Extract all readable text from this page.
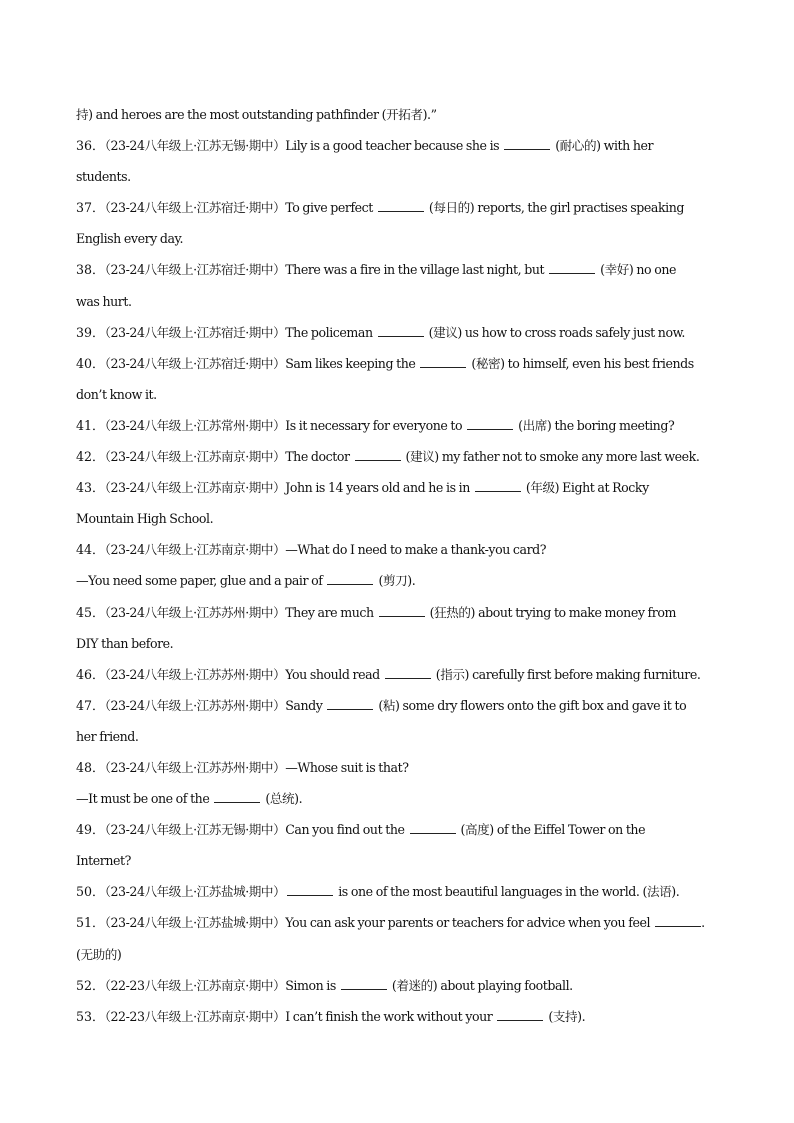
持) and heroes are the most outstanding pathfinder (开拓者).”
36．（23-24八年级上·江苏无锡·期中）Lily is a good teacher because she is	(耐心的) with her
students.
37．（23-24八年级上·江苏宿迁·期中）To give perfect	(每日的) reports, the girl practises speaking
English every day.
38．（23-24八年级上·江苏宿迁·期中）There was a fire in the village last night, but	(幸好) no one
was hurt.
39．（23-24八年级上·江苏宿迁·期中）The policeman	(建议) us how to cross roads safely just now.
40．（23-24八年级上·江苏宿迁·期中）Sam likes keeping the	(秘密) to himself, even his best friends
don’t know it.
41．（23-24八年级上·江苏常州·期中）Is it necessary for everyone to	(出席) the boring meeting?
42．（23-24八年级上·江苏南京·期中）The doctor	(建议) my father not to smoke any more last week.
43．（23-24八年级上·江苏南京·期中）John is 14 years old and he is in	(年级) Eight at Rocky
Mountain High School.
44．（23-24八年级上·江苏南京·期中）—What do I need to make a thank-you card?
—You need some paper, glue and a pair of	(剪刀).
45．（23-24八年级上·江苏苏州·期中）They are much	(狂热的) about trying to make money from
DIY than before.
46．（23-24八年级上·江苏苏州·期中）You should read	(指示) carefully first before making furniture.
47．（23-24八年级上·江苏苏州·期中）Sandy	(粘) some dry flowers onto the gift box and gave it to
her friend.
48．（23-24八年级上·江苏苏州·期中）—Whose suit is that?
—It must be one of the	(总统).
49．（23-24八年级上·江苏无锡·期中）Can you find out the	(高度) of the Eiffel Tower on the
Internet?
50．（23-24八年级上·江苏盐城·期中）	is one of the most beautiful languages in the world. (法语).
51．（23-24八年级上·江苏盐城·期中）You can ask your parents or teachers for advice when you feel	.
(无助的)
52．（22-23八年级上·江苏南京·期中）Simon is	(着迷的) about playing football.
53．（22-23八年级上·江苏南京·期中）I can’t finish the work without your	(支持).
